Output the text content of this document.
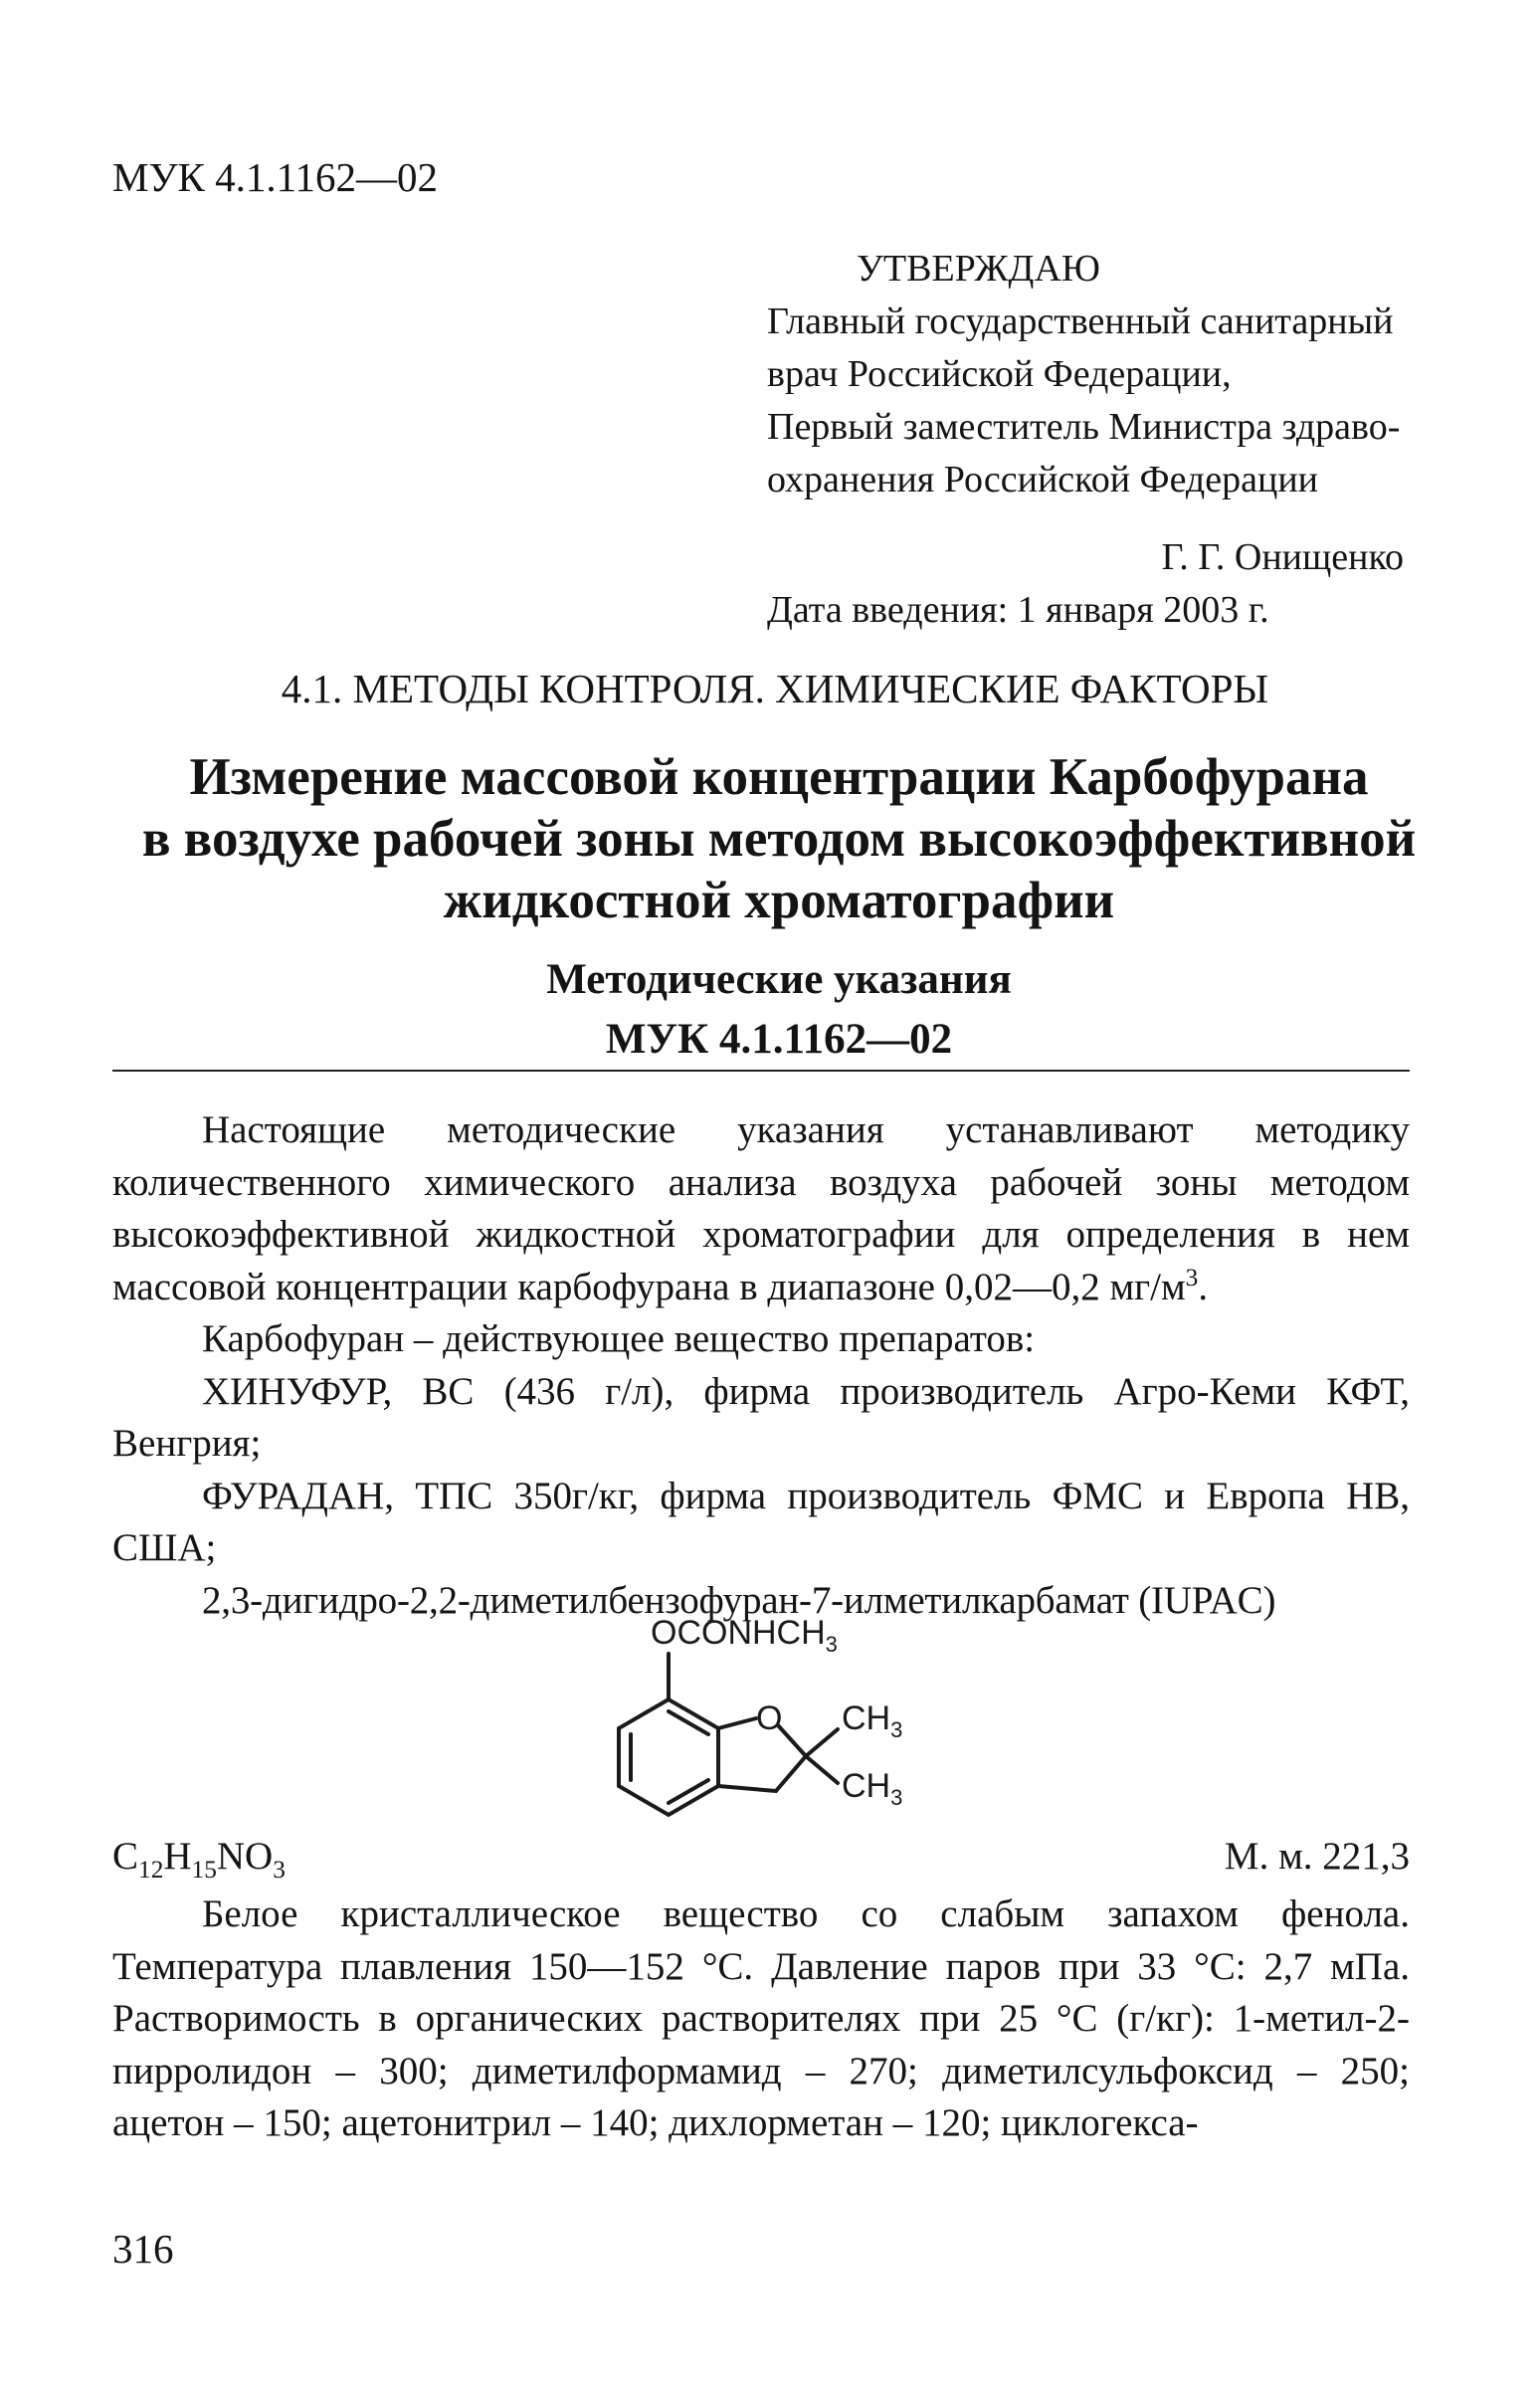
МУК 4.1.1162—02
УТВЕРЖДАЮ
Главный государственный санитарный
врач Российской Федерации,
Первый заместитель Министра здраво-
охранения Российской Федерации
Г. Г. Онищенко
Дата введения: 1 января 2003 г.
4.1. МЕТОДЫ КОНТРОЛЯ. ХИМИЧЕСКИЕ ФАКТОРЫ
Измерение массовой концентрации Карбофурана
в воздухе рабочей зоны методом высокоэффективной
жидкостной хроматографии
Методические указания
МУК 4.1.1162—02

Настоящие методические указания устанавливают методику количественного химического анализа воздуха рабочей зоны методом высокоэффективной жидкостной хроматографии для определения в нем массовой концентрации карбофурана в диапазоне 0,02—0,2 $мг/м^3$.

Карбофуран – действующее вещество препаратов:

ХИНУФУР, ВС (436 г/л), фирма производитель Агро-Кеми КФТ, Венгрия;

ФУРАДАН, ТПС 350г/кг, фирма производитель ФМС и Европа НВ, США;

2,3-дигидро-2,2-диметилбензофуран-7-илметилкарбамат (IUPAC)

$OCONHCH_3$
O $CH_3$
$CH_3$
$C_{12}H_{15}NO_3$	М. м. 221,3

Белое кристаллическое вещество со слабым запахом фенола. Температура плавления 150—152 °С. Давление паров при 33 °С: 2,7 мПа. Растворимость в органических растворителях при 25 °С (г/кг): 1-метил-2-пирролидон – 300; диметилформамид – 270; диметилсульфоксид – 250; ацетон – 150; ацетонитрил – 140; дихлорметан – 120; циклогекса-

316
